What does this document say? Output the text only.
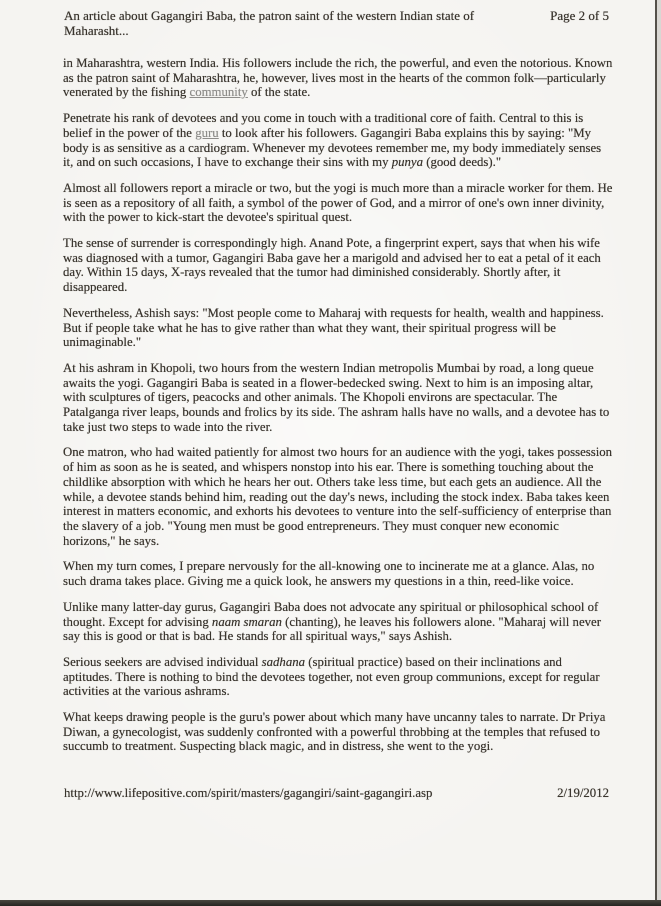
An article about Gagangiri Baba, the patron saint of the western Indian state of Maharasht...
Page 2 of 5

in Maharashtra, western India. His followers include the rich, the powerful, and even the notorious. Known as the patron saint of Maharashtra, he, however, lives most in the hearts of the common folk—particularly venerated by the fishing community of the state.

Penetrate his rank of devotees and you come in touch with a traditional core of faith. Central to this is belief in the power of the guru to look after his followers. Gagangiri Baba explains this by saying: "My body is as sensitive as a cardiogram. Whenever my devotees remember me, my body immediately senses it, and on such occasions, I have to exchange their sins with my punya (good deeds)."

Almost all followers report a miracle or two, but the yogi is much more than a miracle worker for them. He is seen as a repository of all faith, a symbol of the power of God, and a mirror of one's own inner divinity, with the power to kick-start the devotee's spiritual quest.

The sense of surrender is correspondingly high. Anand Pote, a fingerprint expert, says that when his wife was diagnosed with a tumor, Gagangiri Baba gave her a marigold and advised her to eat a petal of it each day. Within 15 days, X-rays revealed that the tumor had diminished considerably. Shortly after, it disappeared.

Nevertheless, Ashish says: "Most people come to Maharaj with requests for health, wealth and happiness. But if people take what he has to give rather than what they want, their spiritual progress will be unimaginable."

At his ashram in Khopoli, two hours from the western Indian metropolis Mumbai by road, a long queue awaits the yogi. Gagangiri Baba is seated in a flower-bedecked swing. Next to him is an imposing altar, with sculptures of tigers, peacocks and other animals. The Khopoli environs are spectacular. The Patalganga river leaps, bounds and frolics by its side. The ashram halls have no walls, and a devotee has to take just two steps to wade into the river.

One matron, who had waited patiently for almost two hours for an audience with the yogi, takes possession of him as soon as he is seated, and whispers nonstop into his ear. There is something touching about the childlike absorption with which he hears her out. Others take less time, but each gets an audience. All the while, a devotee stands behind him, reading out the day's news, including the stock index. Baba takes keen interest in matters economic, and exhorts his devotees to venture into the self-sufficiency of enterprise than the slavery of a job. "Young men must be good entrepreneurs. They must conquer new economic horizons," he says.

When my turn comes, I prepare nervously for the all-knowing one to incinerate me at a glance. Alas, no such drama takes place. Giving me a quick look, he answers my questions in a thin, reed-like voice.

Unlike many latter-day gurus, Gagangiri Baba does not advocate any spiritual or philosophical school of thought. Except for advising naam smaran (chanting), he leaves his followers alone. "Maharaj will never say this is good or that is bad. He stands for all spiritual ways," says Ashish.

Serious seekers are advised individual sadhana (spiritual practice) based on their inclinations and aptitudes. There is nothing to bind the devotees together, not even group communions, except for regular activities at the various ashrams.

What keeps drawing people is the guru's power about which many have uncanny tales to narrate. Dr Priya Diwan, a gynecologist, was suddenly confronted with a powerful throbbing at the temples that refused to succumb to treatment. Suspecting black magic, and in distress, she went to the yogi.

http://www.lifepositive.com/spirit/masters/gagangiri/saint-gagangiri.asp	2/19/2012
